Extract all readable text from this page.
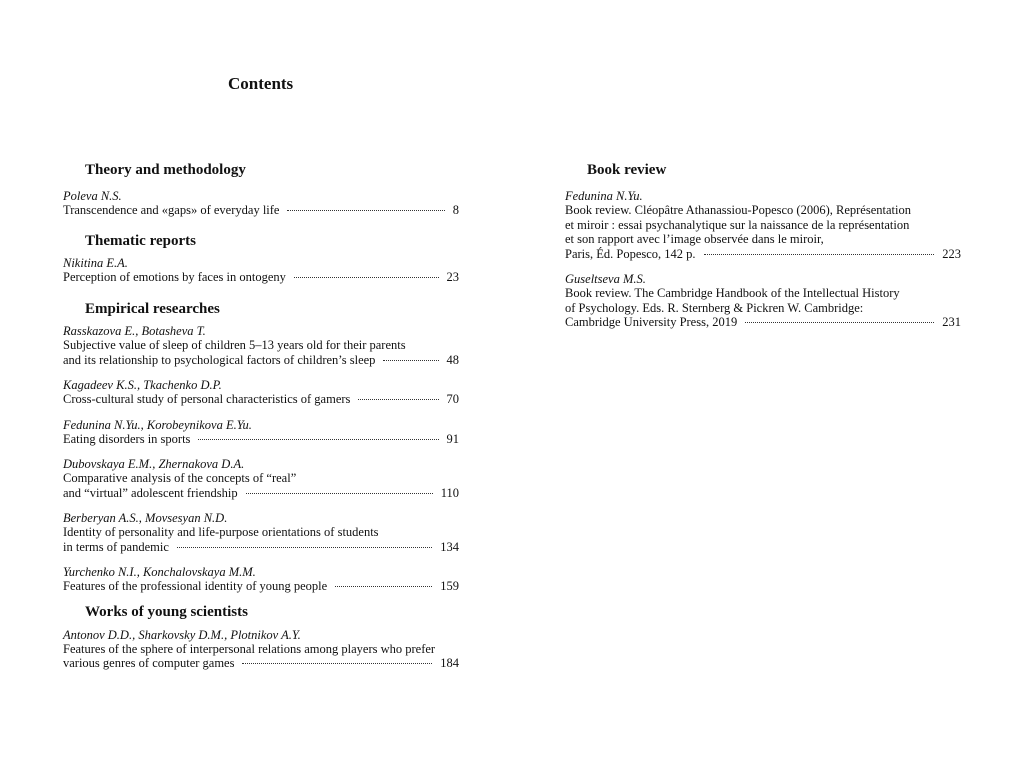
Contents
Theory and methodology
Poleva N.S.
Transcendence and «gaps» of everyday life	8
Thematic reports
Nikitina E.A.
Perception of emotions by faces in ontogeny	23
Empirical researches
Rasskazova E., Botasheva T.
Subjective value of sleep of children 5–13 years old for their parents
and its relationship to psychological factors of children’s sleep	48
Kagadeev K.S., Tkachenko D.P.
Cross-cultural study of personal characteristics of gamers	70
Fedunina N.Yu., Korobeynikova E.Yu.
Eating disorders in sports	91
Dubovskaya E.M., Zhernakova D.A.
Comparative analysis of the concepts of “real”
and “virtual” adolescent friendship	110
Berberyan A.S., Movsesyan N.D.
Identity of personality and life-purpose orientations of students
in terms of pandemic	134
Yurchenko N.I., Konchalovskaya M.M.
Features of the professional identity of young people	159
Works of young scientists
Antonov D.D., Sharkovsky D.M., Plotnikov A.Y.
Features of the sphere of interpersonal relations among players who prefer
various genres of computer games	184
Book review
Fedunina N.Yu.
Book review. Cléopâtre Athanassiou-Popesco (2006), Représentation
et miroir : essai psychanalytique sur la naissance de la représentation
et son rapport avec l’image observée dans le miroir,
Paris, Éd. Popesco, 142 p.	223
Guseltseva M.S.
Book review. The Cambridge Handbook of the Intellectual History
of Psychology. Eds. R. Sternberg & Pickren W. Cambridge:
Cambridge University Press, 2019	231
